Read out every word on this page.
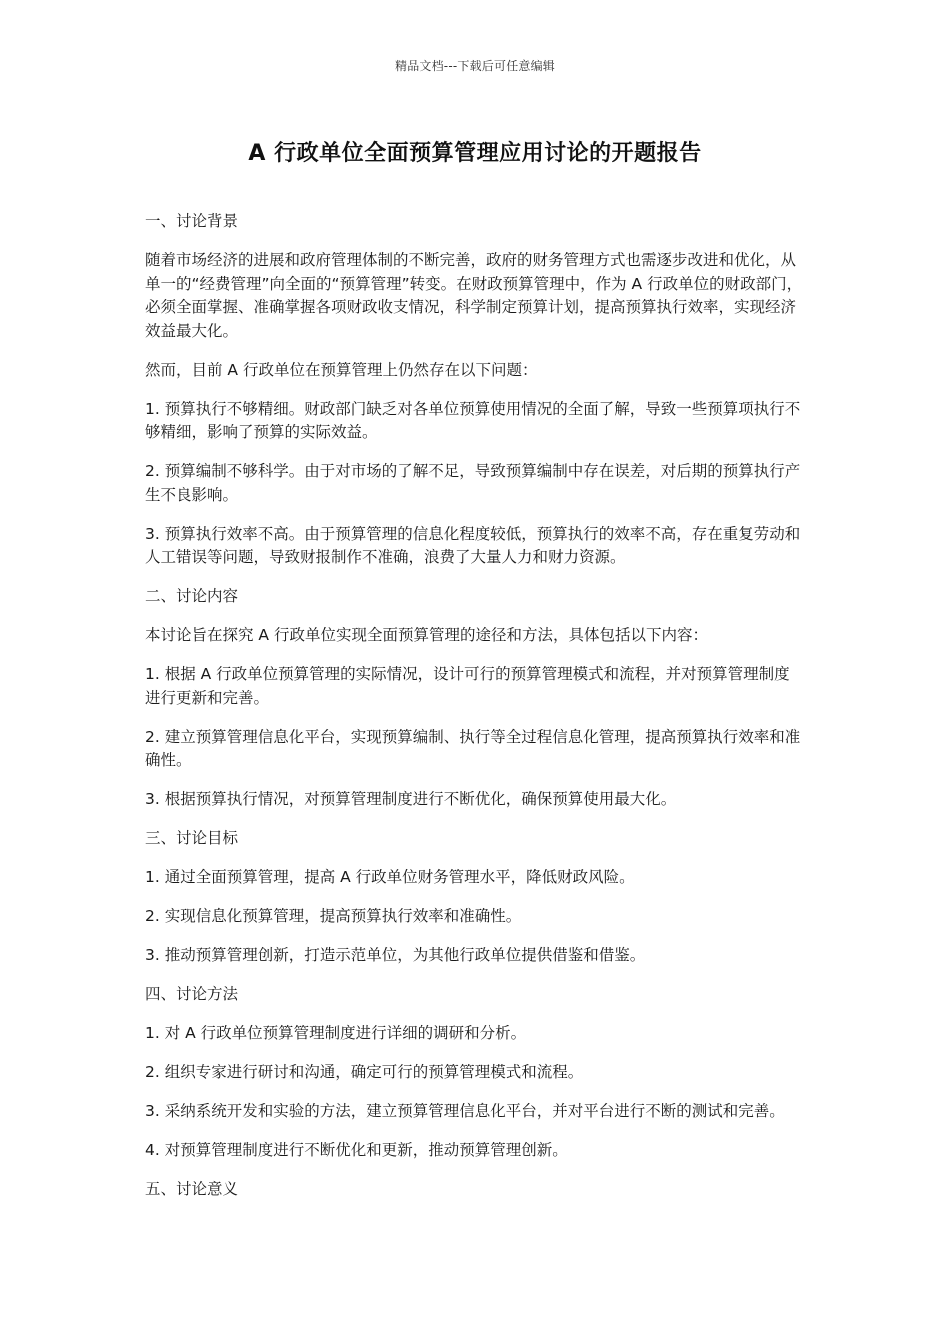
精品文档---下载后可任意编辑
A 行政单位全面预算管理应用讨论的开题报告

一、讨论背景

随着市场经济的进展和政府管理体制的不断完善，政府的财务管理方式也需逐步改进和优化，从单一的“经费管理”向全面的“预算管理”转变。在财政预算管理中，作为 A 行政单位的财政部门，必须全面掌握、准确掌握各项财政收支情况，科学制定预算计划，提高预算执行效率，实现经济效益最大化。

然而，目前 A 行政单位在预算管理上仍然存在以下问题：

1. 预算执行不够精细。财政部门缺乏对各单位预算使用情况的全面了解，导致一些预算项执行不够精细，影响了预算的实际效益。

2. 预算编制不够科学。由于对市场的了解不足，导致预算编制中存在误差，对后期的预算执行产生不良影响。

3. 预算执行效率不高。由于预算管理的信息化程度较低，预算执行的效率不高，存在重复劳动和人工错误等问题，导致财报制作不准确，浪费了大量人力和财力资源。

二、讨论内容

本讨论旨在探究 A 行政单位实现全面预算管理的途径和方法，具体包括以下内容：

1. 根据 A 行政单位预算管理的实际情况，设计可行的预算管理模式和流程，并对预算管理制度进行更新和完善。

2. 建立预算管理信息化平台，实现预算编制、执行等全过程信息化管理，提高预算执行效率和准确性。

3. 根据预算执行情况，对预算管理制度进行不断优化，确保预算使用最大化。

三、讨论目标

1. 通过全面预算管理，提高 A 行政单位财务管理水平，降低财政风险。

2. 实现信息化预算管理，提高预算执行效率和准确性。

3. 推动预算管理创新，打造示范单位，为其他行政单位提供借鉴和借鉴。

四、讨论方法

1. 对 A 行政单位预算管理制度进行详细的调研和分析。

2. 组织专家进行研讨和沟通，确定可行的预算管理模式和流程。

3. 采纳系统开发和实验的方法，建立预算管理信息化平台，并对平台进行不断的测试和完善。

4. 对预算管理制度进行不断优化和更新，推动预算管理创新。

五、讨论意义
